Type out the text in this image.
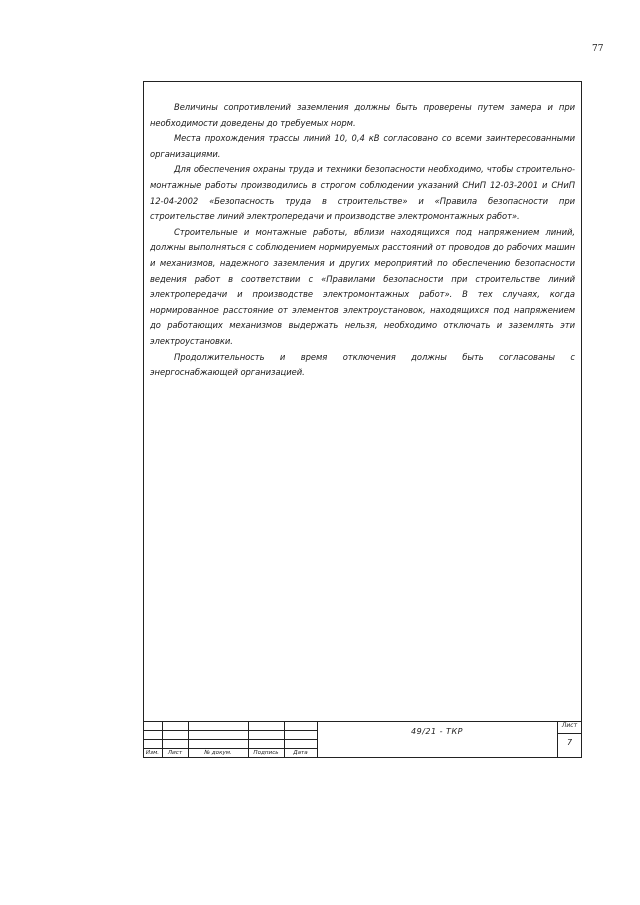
77

Величины сопротивлений заземления должны быть проверены путем замера и при необходимости доведены до требуемых норм.

Места прохождения трассы линий 10, 0,4 кВ согласовано со всеми заинтересованными организациями.

Для обеспечения охраны труда и техники безопасности необходимо, чтобы строительно-монтажные работы производились в строгом соблюдении указаний СНиП 12-03-2001 и СНиП 12-04-2002 «Безопасность труда в строительстве» и «Правила безопасности при строительстве линий электропередачи и производстве электромонтажных работ».

Строительные и монтажные работы, вблизи находящихся под напряжением линий, должны выполняться с соблюдением нормируемых расстояний от проводов до рабочих машин и механизмов, надежного заземления и других мероприятий по обеспечению безопасности ведения работ в соответствии с «Правилами безопасности при строительстве линий электропередачи и производстве электромонтажных работ». В тех случаях, когда нормированное расстояние от элементов электроустановок, находящихся под напряжением до работающих механизмов выдержать нельзя, необходимо отключать и заземлять эти электроустановки.

Продолжительность и время отключения должны быть согласованы с энергоснабжающей организацией.

Изм.	Лист	№ докум.	Подпись	Дата
49/21 - ТКР
Лист
7
